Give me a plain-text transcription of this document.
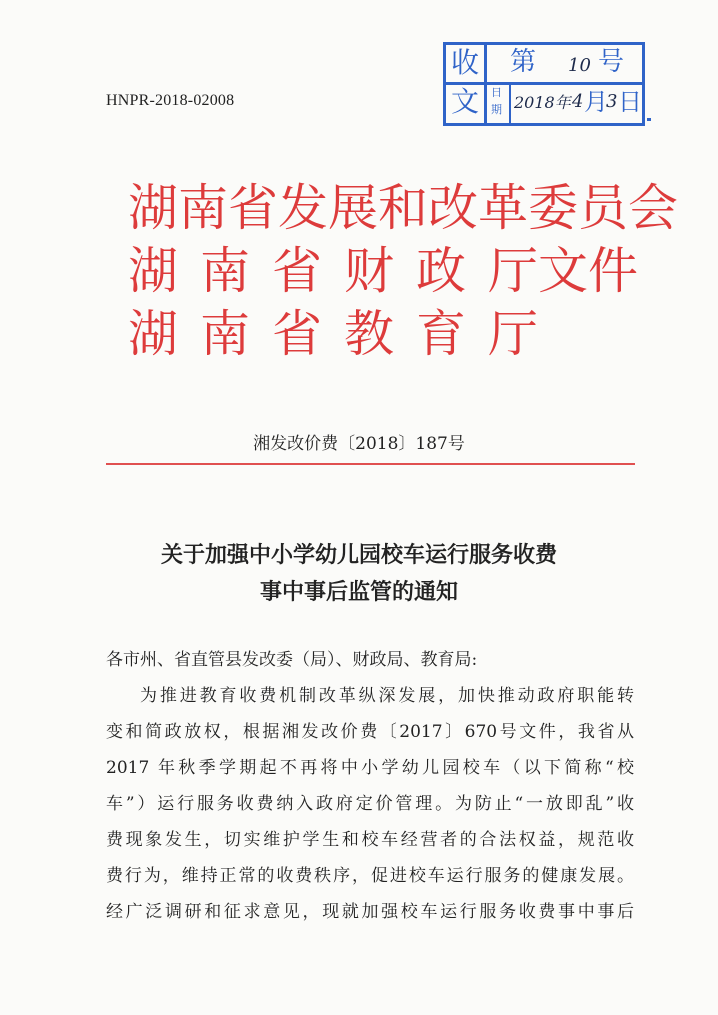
HNPR-2018-02008
收
文
第 10 号
日
期 2018年 4 月
3 日
湖南省发展和改革委员会
湖 南 省 财 政 厅文件
湖 南 省 教 育 厅
湘发改价费〔2018〕187号
关于加强中小学幼儿园校车运行服务收费
事中事后监管的通知
各市州、省直管县发改委（局）、财政局、教育局:
为推进教育收费机制改革纵深发展，加快推动政府职能转
变和简政放权，根据湘发改价费〔2017〕670号文件，我省从
2017 年秋季学期起不再将中小学幼儿园校车（以下简称“校
车”）运行服务收费纳入政府定价管理。为防止“一放即乱”收
费现象发生，切实维护学生和校车经营者的合法权益，规范收
费行为，维持正常的收费秩序，促进校车运行服务的健康发展。
经广泛调研和征求意见，现就加强校车运行服务收费事中事后
